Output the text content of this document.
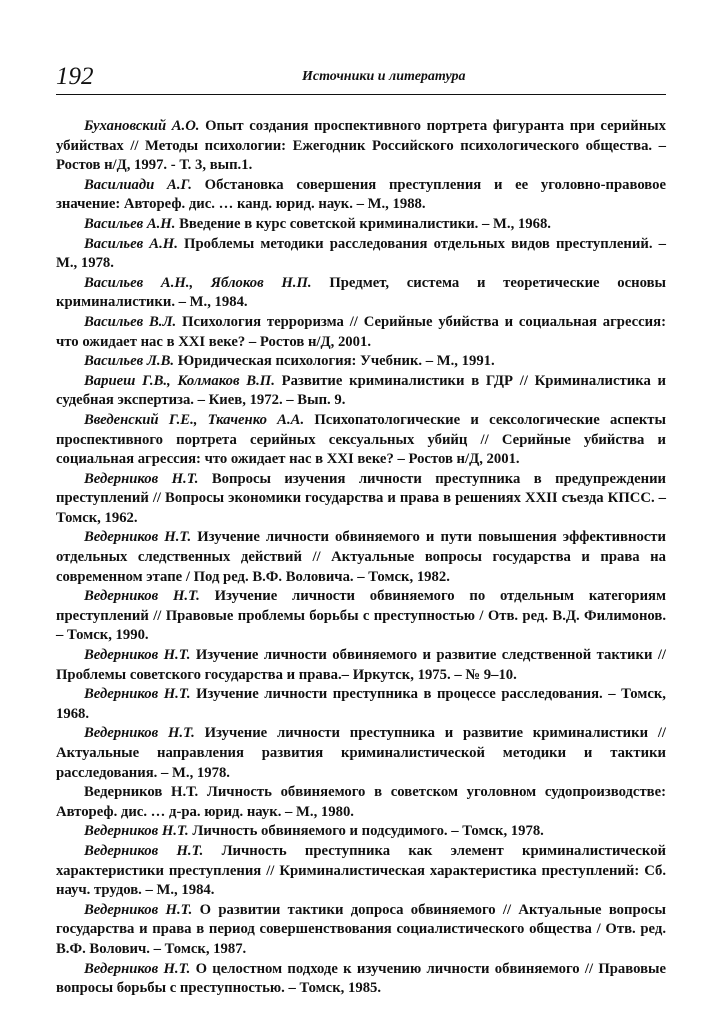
192	Источники и литература

Бухановский А.О. Опыт создания проспективного портрета фигуранта при серийных убийствах // Методы психологии: Ежегодник Российского психологического общества. – Ростов н/Д, 1997. - Т. 3, вып.1.

Василиади А.Г. Обстановка совершения преступления и ее уголовно-правовое значение: Автореф. дис. … канд. юрид. наук. – М., 1988.

Васильев А.Н. Введение в курс советской криминалистики. – М., 1968.

Васильев А.Н. Проблемы методики расследования отдельных видов преступлений. – М., 1978.

Васильев А.Н., Яблоков Н.П. Предмет, система и теоретические основы криминалистики. – М., 1984.

Васильев В.Л. Психология терроризма // Серийные убийства и социальная агрессия: что ожидает нас в XXI веке? – Ростов н/Д, 2001.

Васильев Л.В. Юридическая психология: Учебник. – М., 1991.

Вариеш Г.В., Колмаков В.П. Развитие криминалистики в ГДР // Криминалистика и судебная экспертиза. – Киев, 1972. – Вып. 9.

Введенский Г.Е., Ткаченко А.А. Психопатологические и сексологические аспекты проспективного портрета серийных сексуальных убийц // Серийные убийства и социальная агрессия: что ожидает нас в XXI веке? – Ростов н/Д, 2001.

Ведерников Н.Т. Вопросы изучения личности преступника в предупреждении преступлений // Вопросы экономики государства и права в решениях XXII съезда КПСС. – Томск, 1962.

Ведерников Н.Т. Изучение личности обвиняемого и пути повышения эффективности отдельных следственных действий // Актуальные вопросы государства и права на современном этапе / Под ред. В.Ф. Воловича. – Томск, 1982.

Ведерников Н.Т. Изучение личности обвиняемого по отдельным категориям преступлений // Правовые проблемы борьбы с преступностью / Отв. ред. В.Д. Филимонов. – Томск, 1990.

Ведерников Н.Т. Изучение личности обвиняемого и развитие следственной тактики // Проблемы советского государства и права.– Иркутск, 1975. – № 9–10.

Ведерников Н.Т. Изучение личности преступника в процессе расследования. – Томск, 1968.

Ведерников Н.Т. Изучение личности преступника и развитие криминалистики // Актуальные направления развития криминалистической методики и тактики расследования. – М., 1978.

Ведерников Н.Т. Личность обвиняемого в советском уголовном судопроизводстве: Автореф. дис. … д-ра. юрид. наук. – М., 1980.

Ведерников Н.Т. Личность обвиняемого и подсудимого. – Томск, 1978.

Ведерников Н.Т. Личность преступника как элемент криминалистической характеристики преступления // Криминалистическая характеристика преступлений: Сб. науч. трудов. – М., 1984.

Ведерников Н.Т. О развитии тактики допроса обвиняемого // Актуальные вопросы государства и права в период совершенствования социалистического общества / Отв. ред. В.Ф. Волович. – Томск, 1987.

Ведерников Н.Т. О целостном подходе к изучению личности обвиняемого // Правовые вопросы борьбы с преступностью. – Томск, 1985.
